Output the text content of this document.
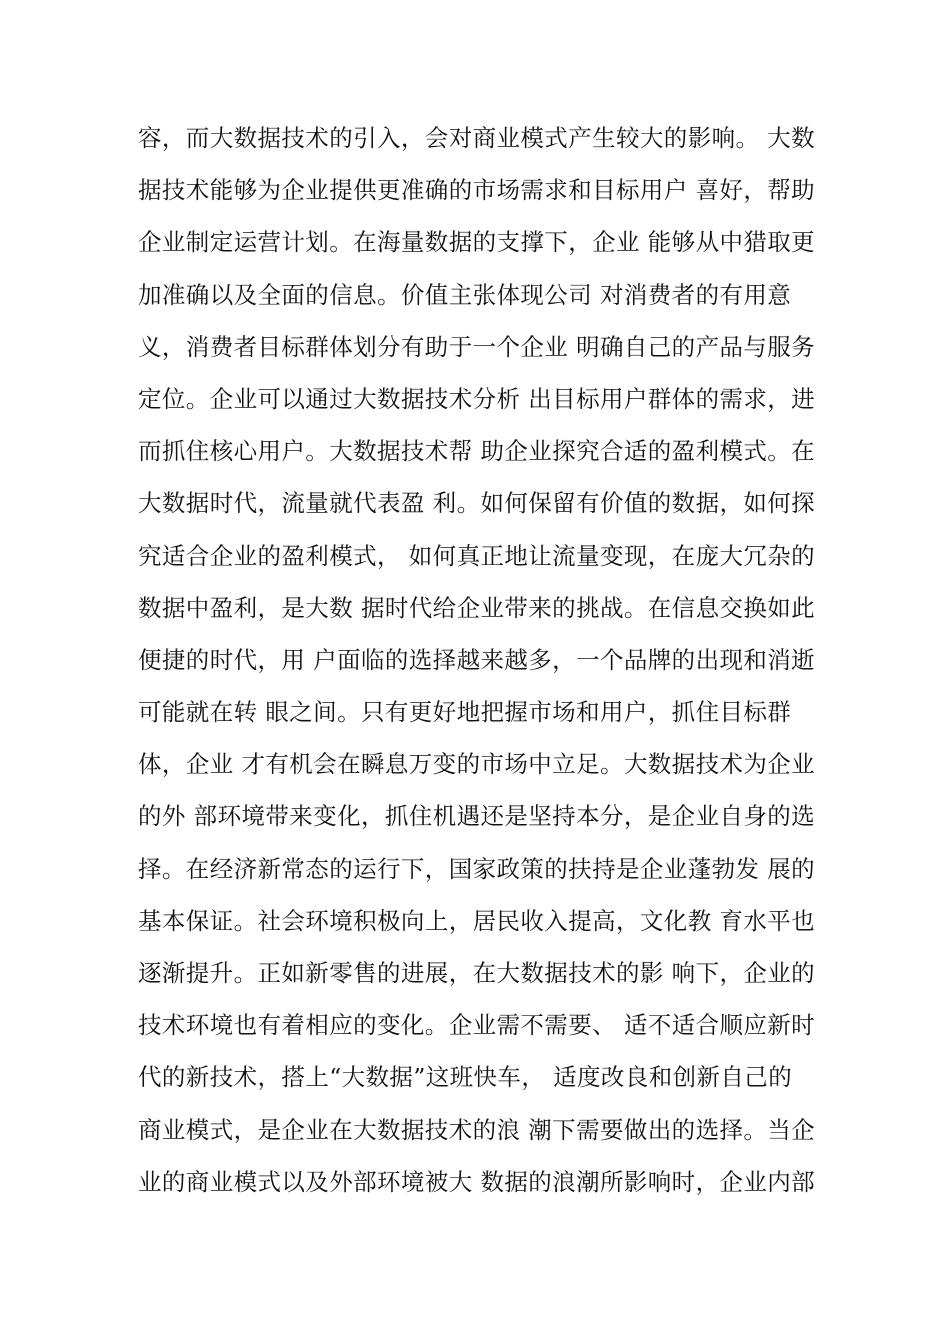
容，而大数据技术的引入，会对商业模式产生较大的影响。 大数
据技术能够为企业提供更准确的市场需求和目标用户 喜好，帮助
企业制定运营计划。在海量数据的支撑下，企业 能够从中猎取更
加准确以及全面的信息。价值主张体现公司 对消费者的有用意
义，消费者目标群体划分有助于一个企业 明确自己的产品与服务
定位。企业可以通过大数据技术分析 出目标用户群体的需求，进
而抓住核心用户。大数据技术帮 助企业探究合适的盈利模式。在
大数据时代，流量就代表盈 利。如何保留有价值的数据，如何探
究适合企业的盈利模式， 如何真正地让流量变现，在庞大冗杂的
数据中盈利，是大数 据时代给企业带来的挑战。在信息交换如此
便捷的时代，用 户面临的选择越来越多，一个品牌的出现和消逝
可能就在转 眼之间。只有更好地把握市场和用户，抓住目标群
体，企业 才有机会在瞬息万变的市场中立足。大数据技术为企业
的外 部环境带来变化，抓住机遇还是坚持本分，是企业自身的选
择。在经济新常态的运行下，国家政策的扶持是企业蓬勃发 展的
基本保证。社会环境积极向上，居民收入提高，文化教 育水平也
逐渐提升。正如新零售的进展，在大数据技术的影 响下，企业的
技术环境也有着相应的变化。企业需不需要、 适不适合顺应新时
代的新技术，搭上“大数据”这班快车， 适度改良和创新自己的
商业模式，是企业在大数据技术的浪 潮下需要做出的选择。当企
业的商业模式以及外部环境被大 数据的浪潮所影响时，企业内部
